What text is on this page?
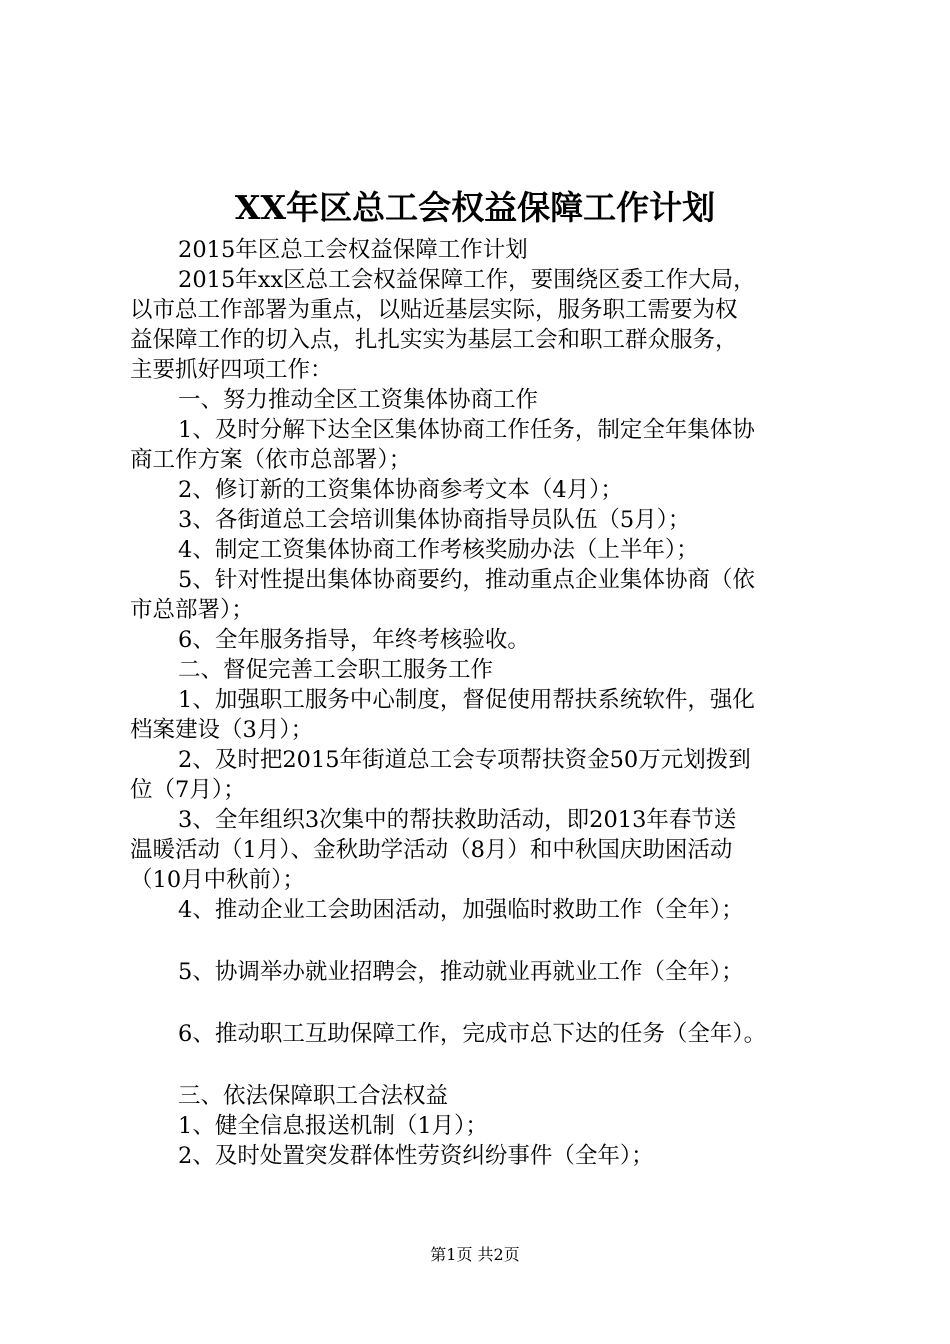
XX年区总工会权益保障工作计划
2015年区总工会权益保障工作计划
2015年xx区总工会权益保障工作，要围绕区委工作大局，
以市总工作部署为重点，以贴近基层实际，服务职工需要为权
益保障工作的切入点，扎扎实实为基层工会和职工群众服务，
主要抓好四项工作：
一、努力推动全区工资集体协商工作
1、及时分解下达全区集体协商工作任务，制定全年集体协
商工作方案（依市总部署）；
2、修订新的工资集体协商参考文本（4月）；
3、各街道总工会培训集体协商指导员队伍（5月）；
4、制定工资集体协商工作考核奖励办法（上半年）；
5、针对性提出集体协商要约，推动重点企业集体协商（依
市总部署）；
6、全年服务指导，年终考核验收。
二、督促完善工会职工服务工作
1、加强职工服务中心制度，督促使用帮扶系统软件，强化
档案建设（3月）；
2、及时把2015年街道总工会专项帮扶资金50万元划拨到
位（7月）；
3、全年组织3次集中的帮扶救助活动，即2013年春节送
温暖活动（1月）、金秋助学活动（8月）和中秋国庆助困活动
（10月中秋前）；
4、推动企业工会助困活动，加强临时救助工作（全年）；
5、协调举办就业招聘会，推动就业再就业工作（全年）；
6、推动职工互助保障工作，完成市总下达的任务（全年）。
三、依法保障职工合法权益
1、健全信息报送机制（1月）；
2、及时处置突发群体性劳资纠纷事件（全年）；
第1页 共2页
